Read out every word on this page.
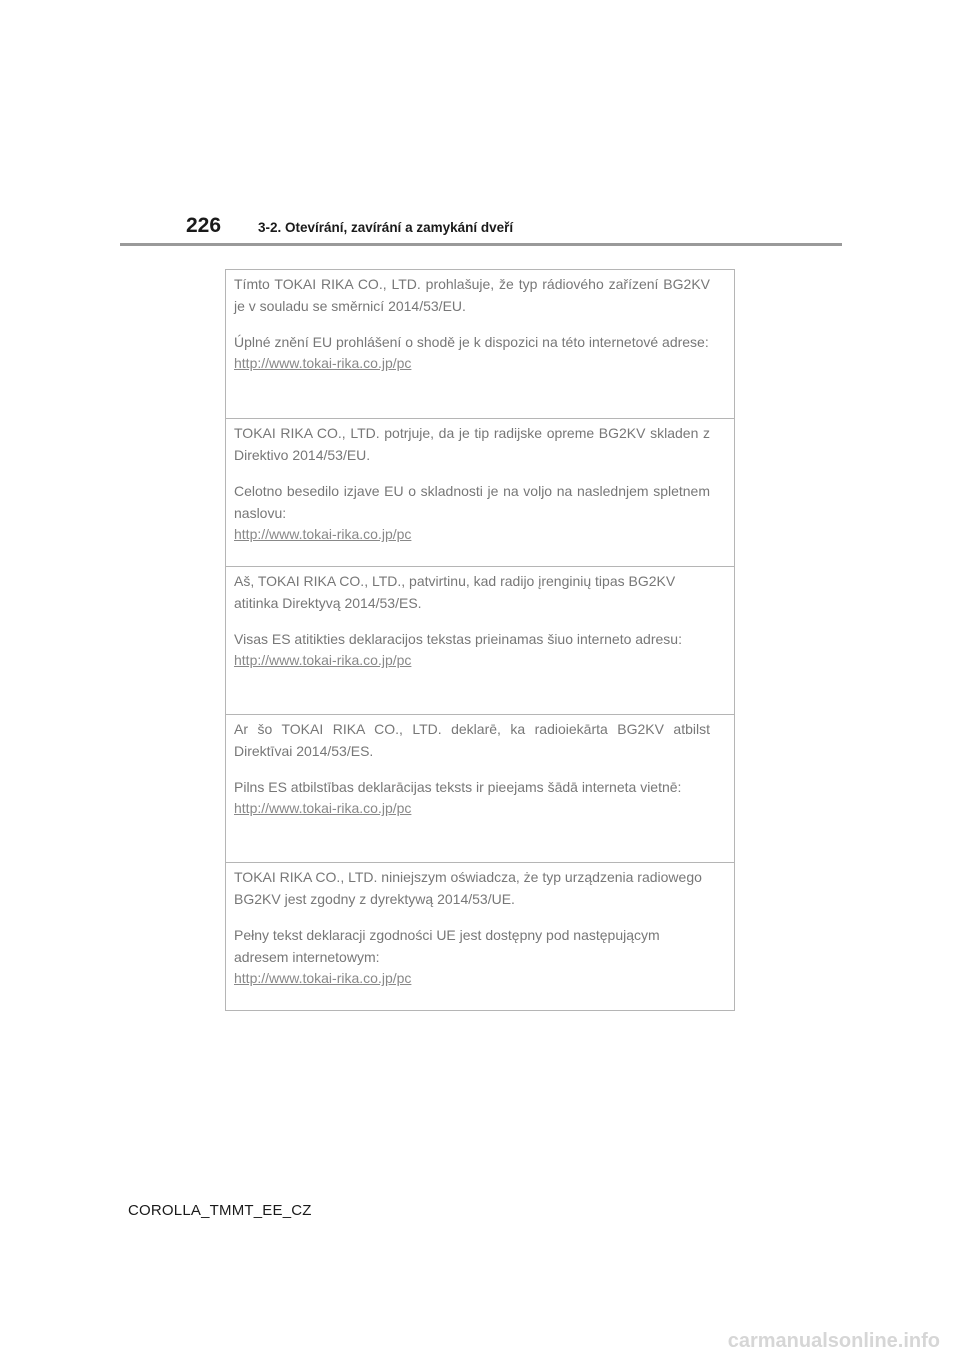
226	3-2. Otevírání, zavírání a zamykání dveří

Tímto TOKAI RIKA CO., LTD. prohlašuje, že typ rádiového zařízení BG2KV je v souladu se směrnicí 2014/53/EU.

Úplné znění EU prohlášení o shodě je k dispozici na této internetové adrese:

http://www.tokai-rika.co.jp/pc

TOKAI RIKA CO., LTD. potrjuje, da je tip radijske opreme BG2KV skladen z Direktivo 2014/53/EU.

Celotno besedilo izjave EU o skladnosti je na voljo na naslednjem spletnem naslovu:

http://www.tokai-rika.co.jp/pc

Aš, TOKAI RIKA CO., LTD., patvirtinu, kad radijo įrenginių tipas BG2KV atitinka Direktyvą 2014/53/ES.

Visas ES atitikties deklaracijos tekstas prieinamas šiuo interneto adresu:

http://www.tokai-rika.co.jp/pc

Ar šo TOKAI RIKA CO., LTD. deklarē, ka radioiekārta BG2KV atbilst Direktīvai 2014/53/ES.

Pilns ES atbilstības deklarācijas teksts ir pieejams šādā interneta vietnē:

http://www.tokai-rika.co.jp/pc

TOKAI RIKA CO., LTD. niniejszym oświadcza, że typ urządzenia radiowego BG2KV jest zgodny z dyrektywą 2014/53/UE.

Pełny tekst deklaracji zgodności UE jest dostępny pod następującym adresem internetowym:

http://www.tokai-rika.co.jp/pc
COROLLA_TMMT_EE_CZ
carmanualsonline.info
